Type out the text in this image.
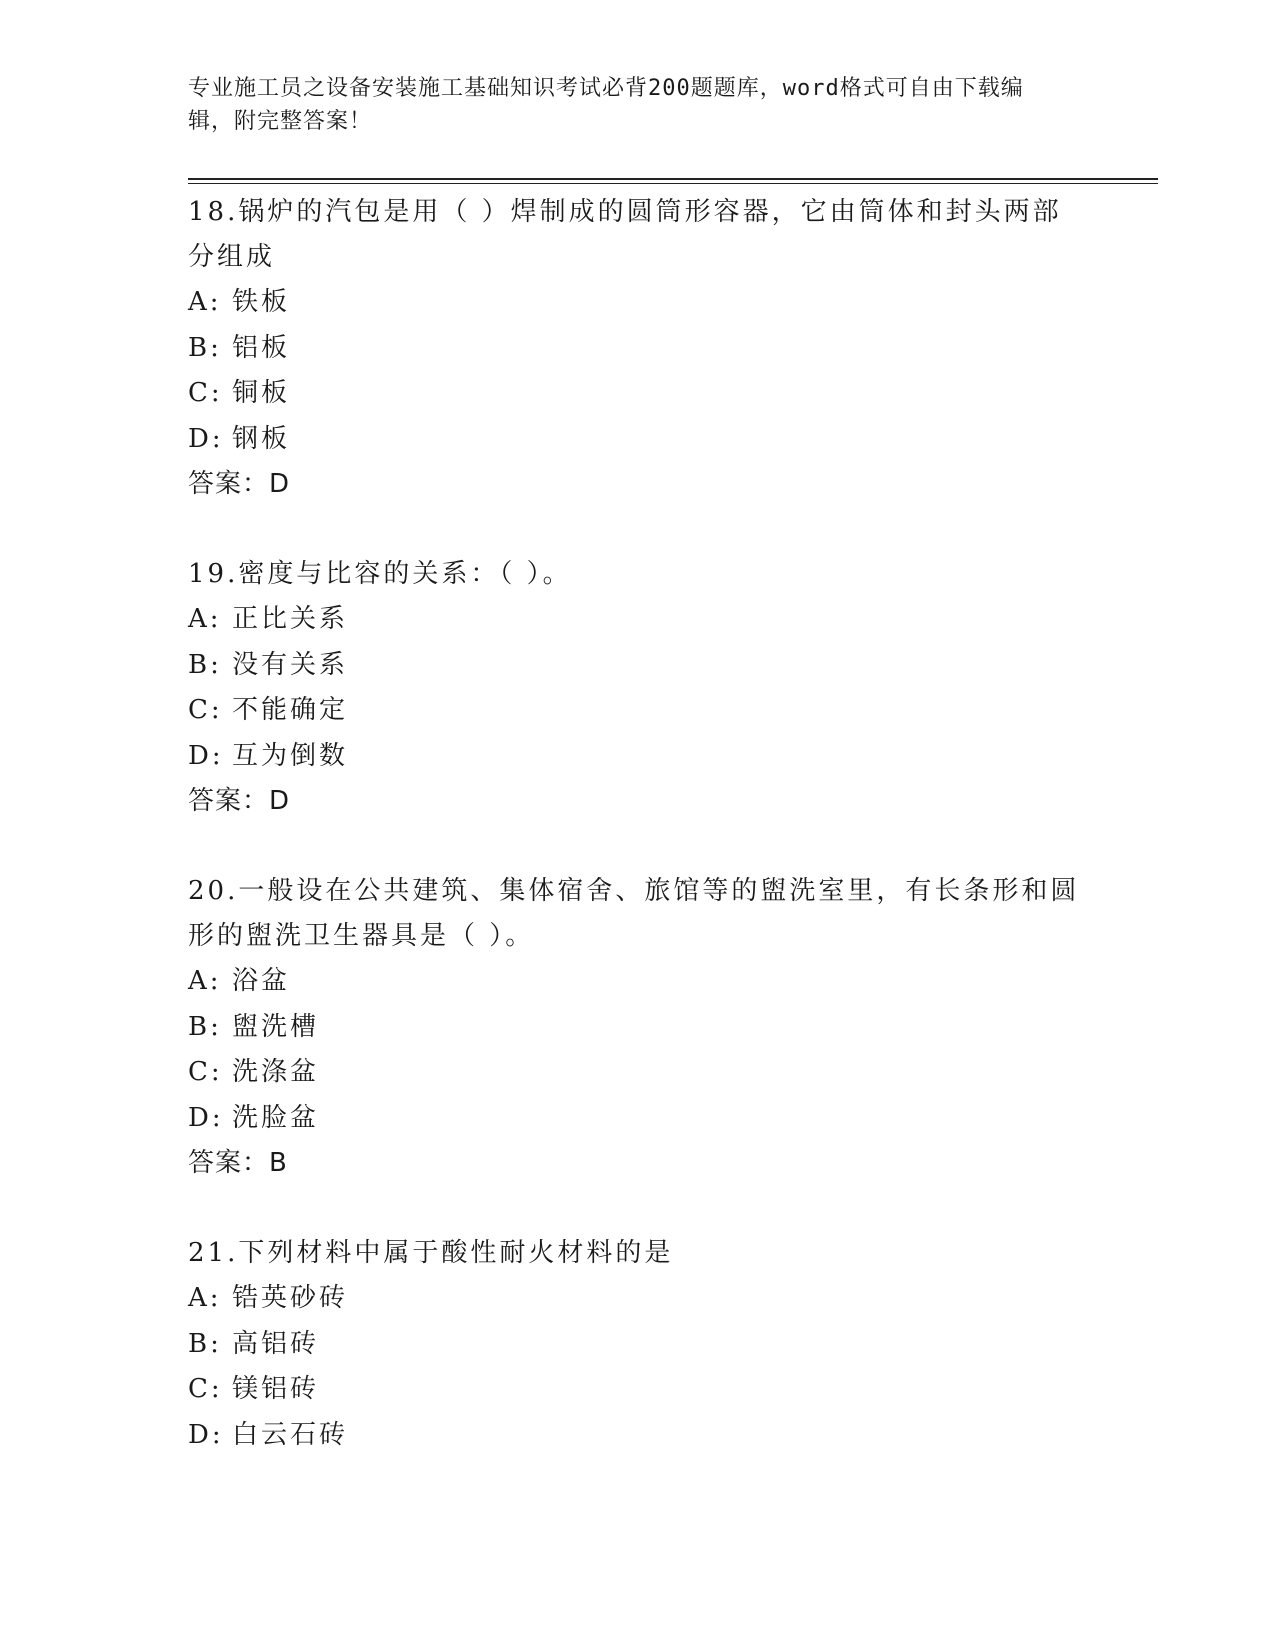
专业施工员之设备安装施工基础知识考试必背200题题库，word格式可自由下载编辑，附完整答案！

18.锅炉的汽包是用（ ）焊制成的圆筒形容器，它由筒体和封头两部分组成

A: 铁板
B: 铝板
C: 铜板
D: 钢板

答案：D

19.密度与比容的关系：（ ）。

A: 正比关系
B: 没有关系
C: 不能确定
D: 互为倒数

答案：D

20.一般设在公共建筑、集体宿舍、旅馆等的盥洗室里，有长条形和圆形的盥洗卫生器具是（ ）。

A: 浴盆
B: 盥洗槽
C: 洗涤盆
D: 洗脸盆

答案：B

21.下列材料中属于酸性耐火材料的是

A: 锆英砂砖
B: 高铝砖
C: 镁铝砖
D: 白云石砖
